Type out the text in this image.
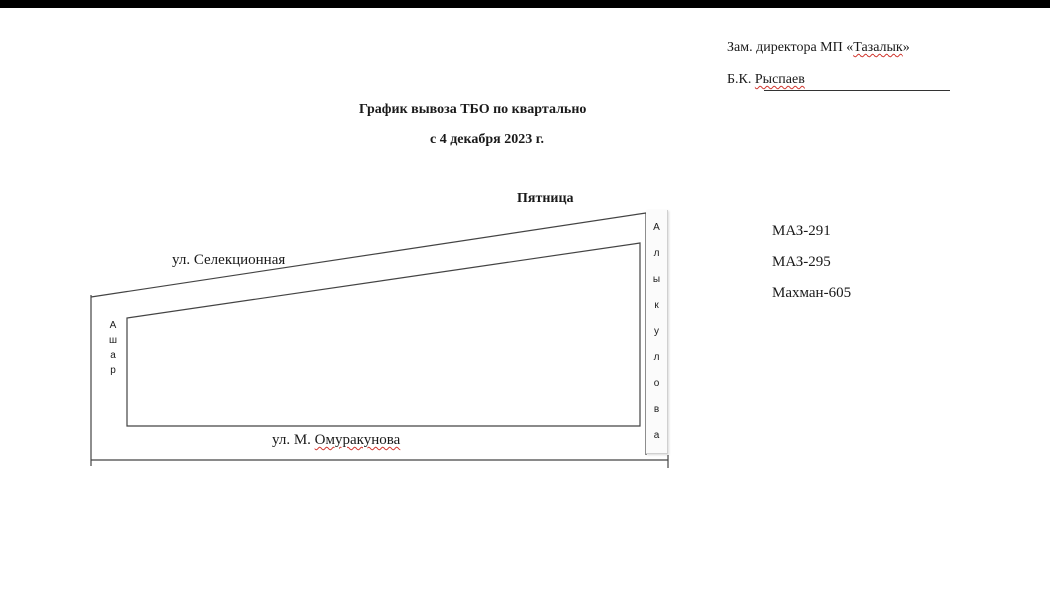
Зам. директора МП «Тазалык»
Б.К. Рыспаев
График вывоза ТБО по квартально
с 4 декабря 2023 г.
Пятница
ул. Селекционная
ул. М. Омуракунова
А
ш
а
р
А
л
ы
к
у
л
о
в
а
МАЗ-291
МАЗ-295
Махман-605
